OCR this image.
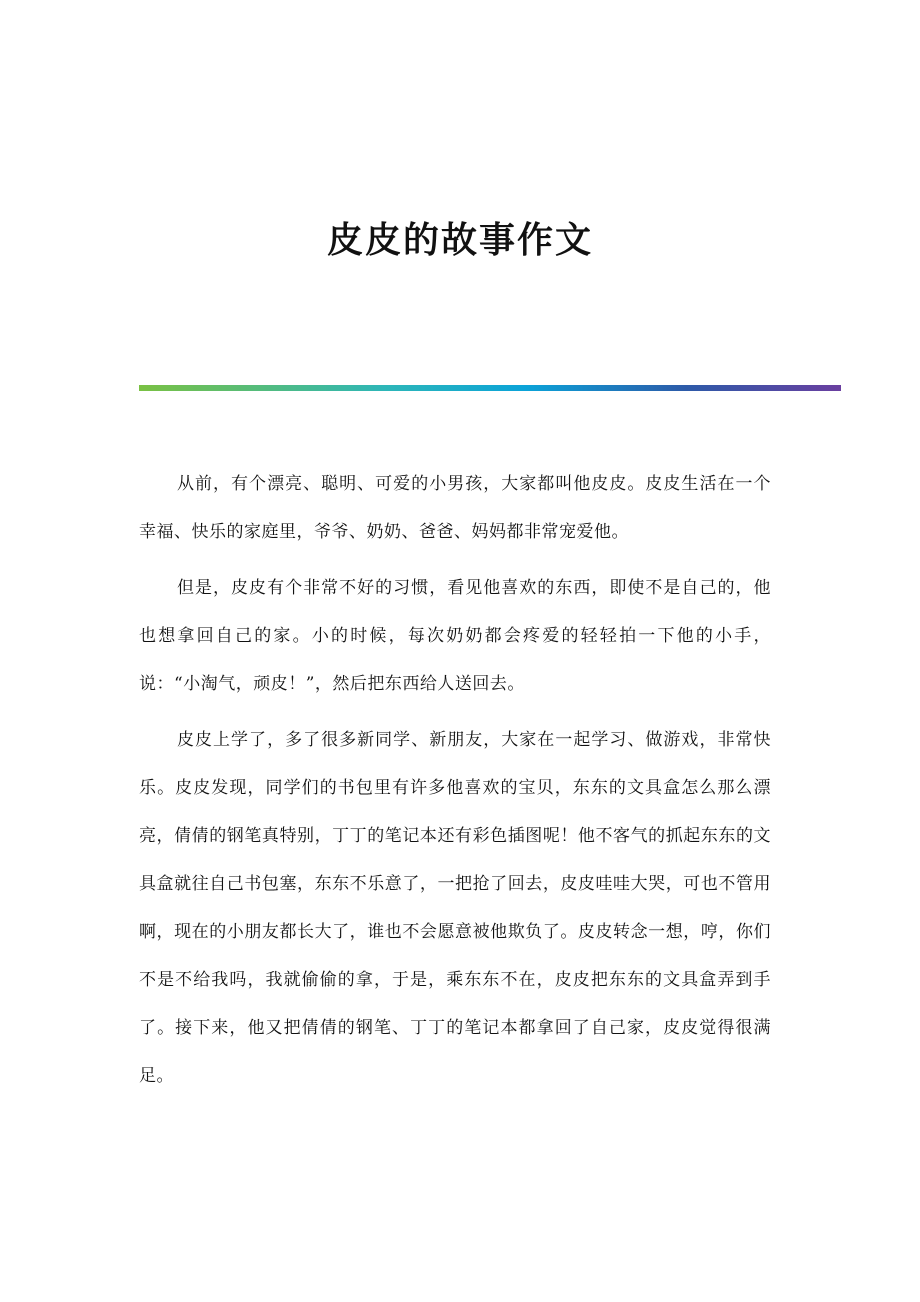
皮皮的故事作文

从前，有个漂亮、聪明、可爱的小男孩，大家都叫他皮皮。皮皮生活在一个幸福、快乐的家庭里，爷爷、奶奶、爸爸、妈妈都非常宠爱他。

但是，皮皮有个非常不好的习惯，看见他喜欢的东西，即使不是自己的，他也想拿回自己的家。小的时候，每次奶奶都会疼爱的轻轻拍一下他的小手，说：“小淘气，顽皮！”，然后把东西给人送回去。

皮皮上学了，多了很多新同学、新朋友，大家在一起学习、做游戏，非常快乐。皮皮发现，同学们的书包里有许多他喜欢的宝贝，东东的文具盒怎么那么漂亮，倩倩的钢笔真特别，丁丁的笔记本还有彩色插图呢！他不客气的抓起东东的文具盒就往自己书包塞，东东不乐意了，一把抢了回去，皮皮哇哇大哭，可也不管用啊，现在的小朋友都长大了，谁也不会愿意被他欺负了。皮皮转念一想，哼，你们不是不给我吗，我就偷偷的拿，于是，乘东东不在，皮皮把东东的文具盒弄到手了。接下来，他又把倩倩的钢笔、丁丁的笔记本都拿回了自己家，皮皮觉得很满足。
